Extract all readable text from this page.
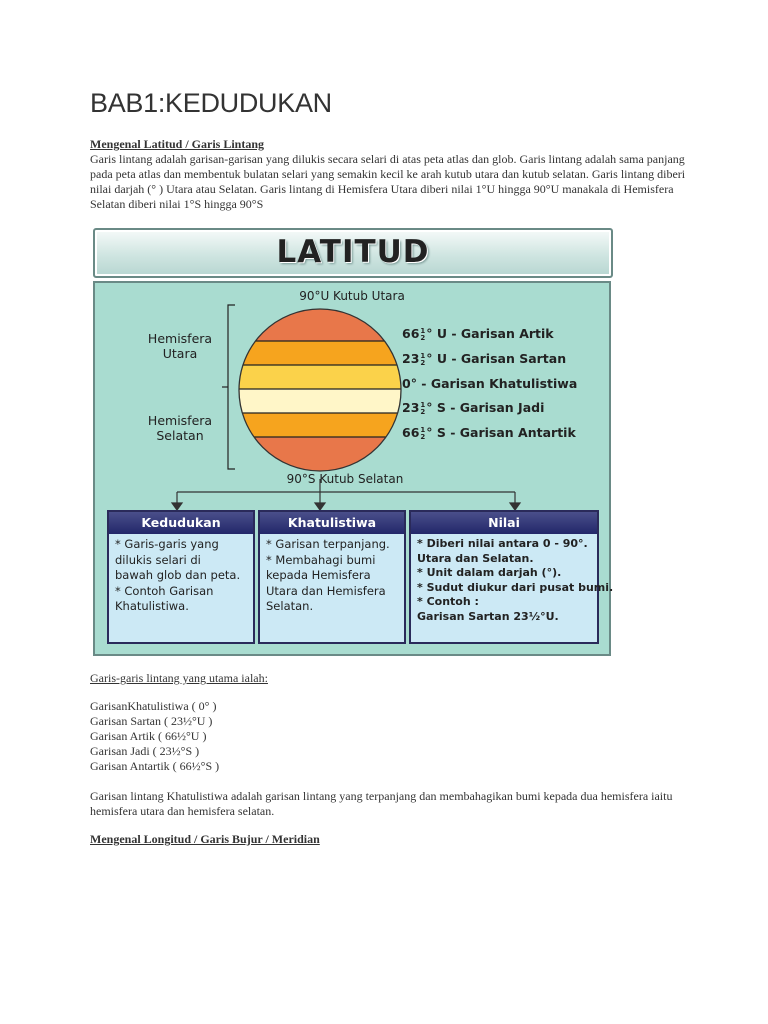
BAB1:KEDUDUKAN

Mengenal Latitud / Garis Lintang

Garis lintang adalah garisan-garisan yang dilukis secara selari di atas peta atlas dan glob. Garis lintang adalah sama panjang pada peta atlas dan membentuk bulatan selari yang semakin kecil ke arah kutub utara dan kutub selatan. Garis lintang diberi nilai darjah (° ) Utara atau Selatan. Garis lintang di Hemisfera Utara diberi nilai 1°U hingga 90°U manakala di Hemisfera Selatan diberi nilai 1°S hingga 90°S

LATITUD
90°U Kutub Utara
Hemisfera
Utara
Hemisfera
Selatan
66 1
2 ° U - Garisan Artik
23 1
2 ° U - Garisan Sartan
0° - Garisan Khatulistiwa
23 1
2 ° S - Garisan Jadi
66 1
2 ° S - Garisan Antartik
90°S Kutub Selatan
Kedudukan
* Garis-garis yang
dilukis selari di
bawah glob dan peta.
* Contoh Garisan
Khatulistiwa.
Khatulistiwa
* Garisan terpanjang.
* Membahagi bumi
kepada Hemisfera
Utara dan Hemisfera
Selatan.
Nilai
* Diberi nilai antara 0 - 90°.
Utara dan Selatan.
* Unit dalam darjah (°).
* Sudut diukur dari pusat bumi.
* Contoh :
Garisan Sartan 23½°U.

Garis-garis lintang yang utama ialah:

GarisanKhatulistiwa ( 0° )
Garisan Sartan ( 23½°U )
Garisan Artik ( 66½°U )
Garisan Jadi ( 23½°S )
Garisan Antartik ( 66½°S )

Garisan lintang Khatulistiwa adalah garisan lintang yang terpanjang dan membahagikan bumi kepada dua hemisfera iaitu hemisfera utara dan hemisfera selatan.

Mengenal Longitud / Garis Bujur / Meridian
